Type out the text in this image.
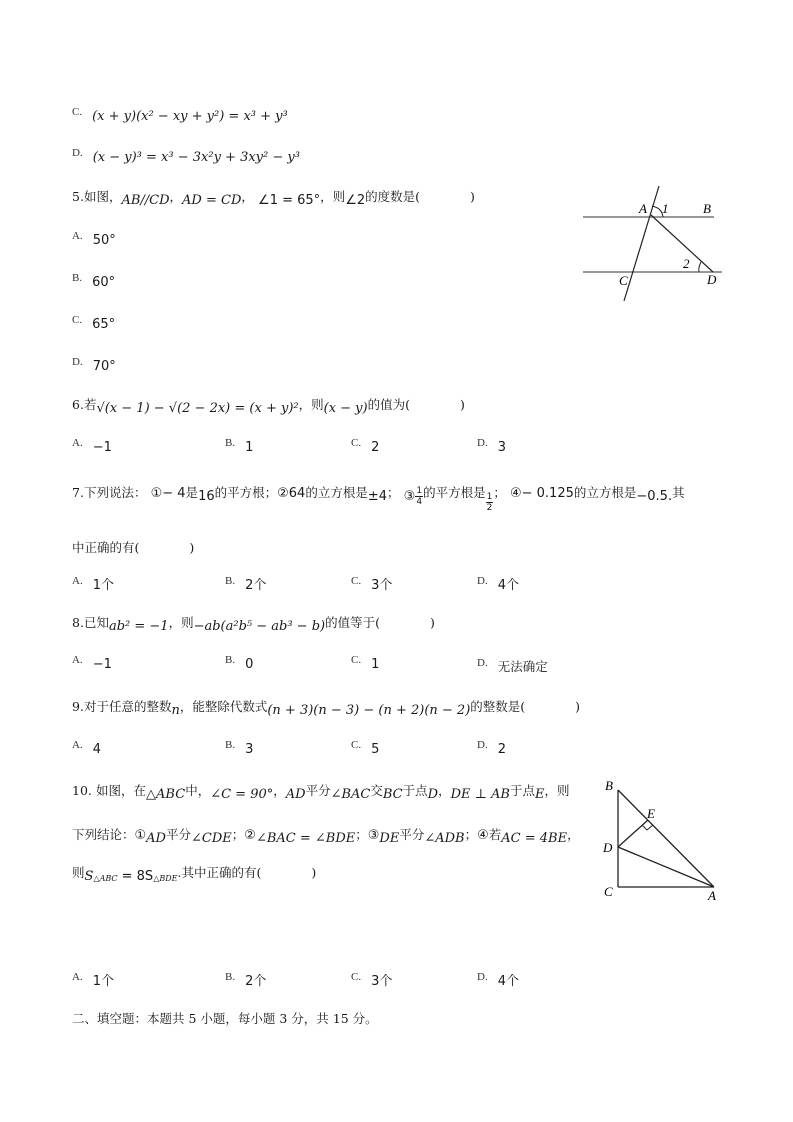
$^{C.}$ (x + y)(x² − xy + y²) = x³ + y³
$^{D.}$ (x − y)³ = x³ − 3x²y + 3xy² − y³
5.如图，AB//CD，AD = CD， ∠1 = 65°，则∠2的度数是(　　　　)
A 1	B
2
C	D
$^{A.}$ 50°
$^{B.}$ 60°
$^{C.}$ 65°
$^{D.}$ 70°
6.若√(x − 1) − √(2 − 2x) = (x + y)²，则(x − y)的值为(　　　　)
$^{A.}$ −1	$^{B.}$ 1	$^{C.}$ 2	$^{D.}$ 3
7.下列说法： ①− 4是16的平方根；②64的立方根是±4； ③ $\frac{1}{4}$ 的平方根是 $\frac{1}{2}$ ； ④− 0.125的立方根是−0.5.其
中正确的有(　　　　)
$^{A.}$ 1个	$^{B.}$ 2个	$^{C.}$ 3个	$^{D.}$ 4个
8.已知ab² = −1，则−ab(a²b⁵ − ab³ − b)的值等于(　　　　)
$^{A.}$ −1	$^{B.}$ 0	$^{C.}$ 1	$^{D.}$ 无法确定
9.对于任意的整数n，能整除代数式(n + 3)(n − 3) − (n + 2)(n − 2)的整数是(　　　　)
$^{A.}$ 4	$^{B.}$ 3	$^{C.}$ 5	$^{D.}$ 2
10. 如图，在△ABC中，∠C = 90°，AD平分∠BAC交BC于点D，DE ⊥ AB于点E，则
下列结论：①AD平分∠CDE；②∠BAC = ∠BDE；③DE平分∠ADB；④若AC = 4BE，
则$S_{\triangle ABC} = 8S_{\triangle BDE}$.其中正确的有(　　　　)
B
E
D
C	A
$^{A.}$ 1个	$^{B.}$ 2个	$^{C.}$ 3个	$^{D.}$ 4个
二、填空题：本题共 5 小题，每小题 3 分，共 15 分。
